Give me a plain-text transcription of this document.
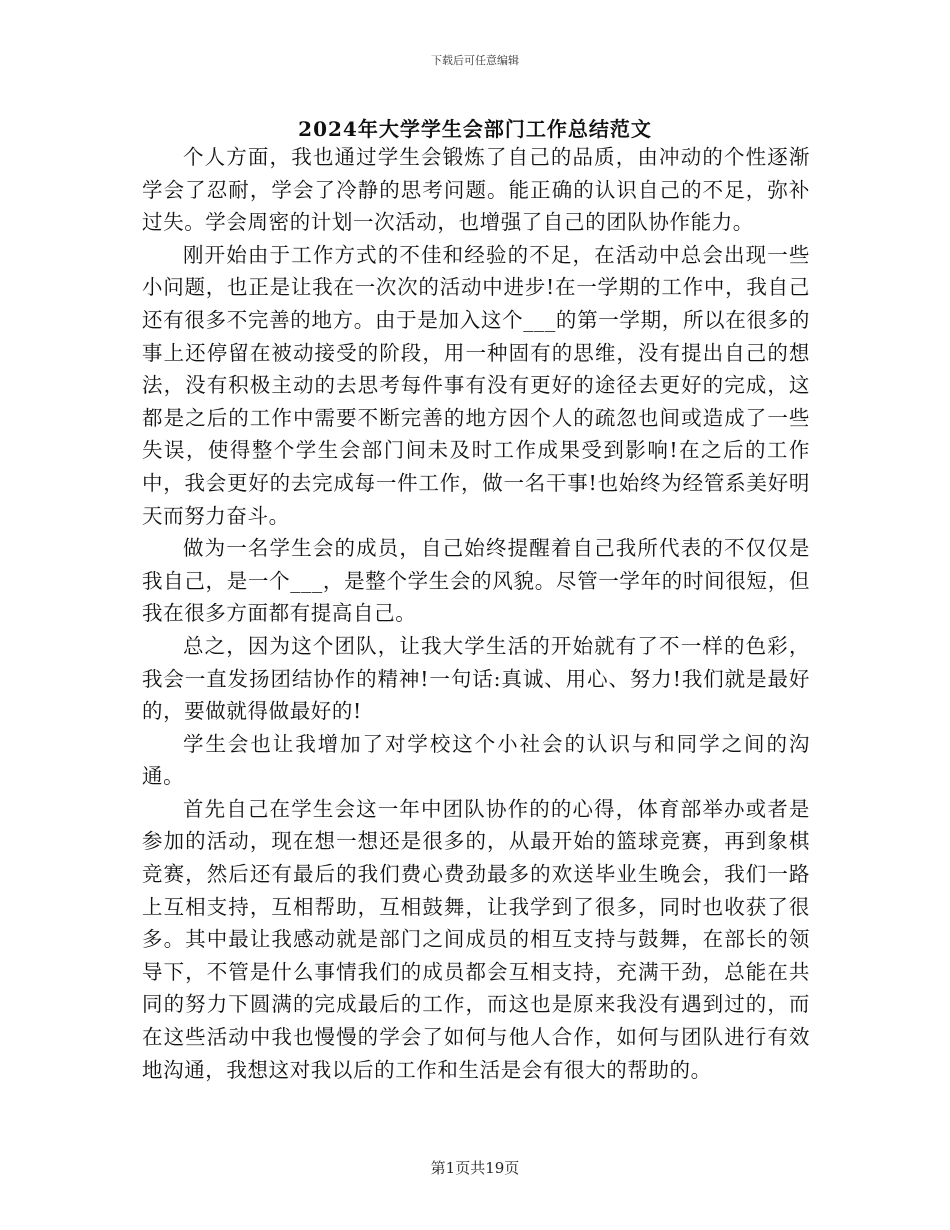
下载后可任意编辑
2024年大学学生会部门工作总结范文

个人方面，我也通过学生会锻炼了自己的品质，由冲动的个性逐渐学会了忍耐，学会了冷静的思考问题。能正确的认识自己的不足，弥补过失。学会周密的计划一次活动，也增强了自己的团队协作能力。

刚开始由于工作方式的不佳和经验的不足，在活动中总会出现一些小问题，也正是让我在一次次的活动中进步!在一学期的工作中，我自己还有很多不完善的地方。由于是加入这个___的第一学期，所以在很多的事上还停留在被动接受的阶段，用一种固有的思维，没有提出自己的想法，没有积极主动的去思考每件事有没有更好的途径去更好的完成，这都是之后的工作中需要不断完善的地方因个人的疏忽也间或造成了一些失误，使得整个学生会部门间未及时工作成果受到影响!在之后的工作中，我会更好的去完成每一件工作，做一名干事!也始终为经管系美好明天而努力奋斗。

做为一名学生会的成员，自己始终提醒着自己我所代表的不仅仅是我自己，是一个___，是整个学生会的风貌。尽管一学年的时间很短，但我在很多方面都有提高自己。

总之，因为这个团队，让我大学生活的开始就有了不一样的色彩，我会一直发扬团结协作的精神!一句话:真诚、用心、努力!我们就是最好的，要做就得做最好的!

学生会也让我增加了对学校这个小社会的认识与和同学之间的沟通。

首先自己在学生会这一年中团队协作的的心得，体育部举办或者是参加的活动，现在想一想还是很多的，从最开始的篮球竞赛，再到象棋竞赛，然后还有最后的我们费心费劲最多的欢送毕业生晚会，我们一路上互相支持，互相帮助，互相鼓舞，让我学到了很多，同时也收获了很多。其中最让我感动就是部门之间成员的相互支持与鼓舞，在部长的领导下，不管是什么事情我们的成员都会互相支持，充满干劲，总能在共同的努力下圆满的完成最后的工作，而这也是原来我没有遇到过的，而在这些活动中我也慢慢的学会了如何与他人合作，如何与团队进行有效地沟通，我想这对我以后的工作和生活是会有很大的帮助的。

第1页共19页
